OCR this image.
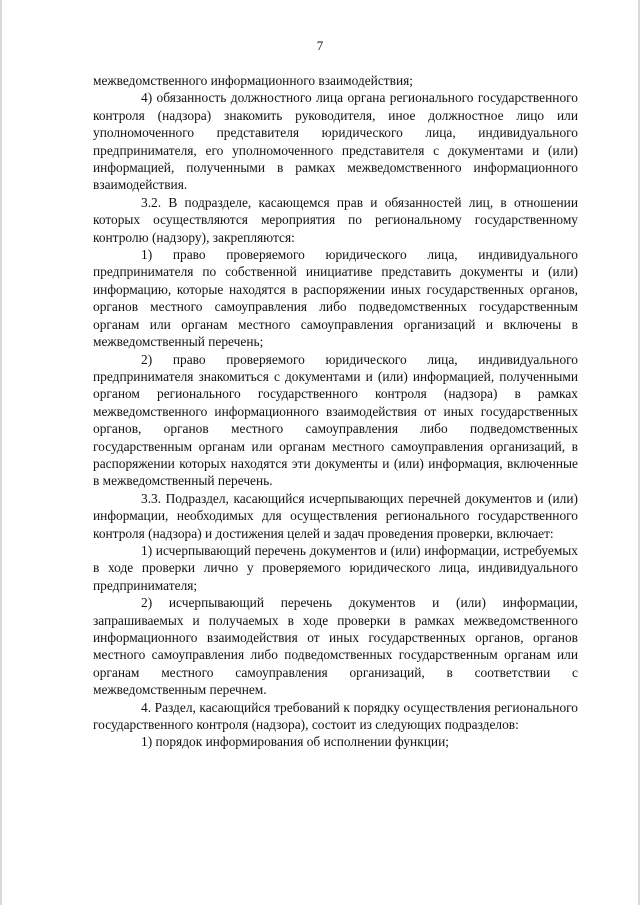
7

межведомственного информационного взаимодействия;

4) обязанность должностного лица органа регионального государственного контроля (надзора) знакомить руководителя, иное должностное лицо или уполномоченного представителя юридического лица, индивидуального предпринимателя, его уполномоченного представителя с документами и (или) информацией, полученными в рамках межведомственного информационного взаимодействия.

3.2. В подразделе, касающемся прав и обязанностей лиц, в отношении которых осуществляются мероприятия по региональному государственному контролю (надзору), закрепляются:

1) право проверяемого юридического лица, индивидуального предпринимателя по собственной инициативе представить документы и (или) информацию, которые находятся в распоряжении иных государственных органов, органов местного самоуправления либо подведомственных государственным органам или органам местного самоуправления организаций и включены в межведомственный перечень;

2) право проверяемого юридического лица, индивидуального предпринимателя знакомиться с документами и (или) информацией, полученными органом регионального государственного контроля (надзора) в рамках межведомственного информационного взаимодействия от иных государственных органов, органов местного самоуправления либо подведомственных государственным органам или органам местного самоуправления организаций, в распоряжении которых находятся эти документы и (или) информация, включенные в межведомственный перечень.

3.3. Подраздел, касающийся исчерпывающих перечней документов и (или) информации, необходимых для осуществления регионального государственного контроля (надзора) и достижения целей и задач проведения проверки, включает:

1) исчерпывающий перечень документов и (или) информации, истребуемых в ходе проверки лично у проверяемого юридического лица, индивидуального предпринимателя;

2) исчерпывающий перечень документов и (или) информации, запрашиваемых и получаемых в ходе проверки в рамках межведомственного информационного взаимодействия от иных государственных органов, органов местного самоуправления либо подведомственных государственным органам или органам местного самоуправления организаций, в соответствии с межведомственным перечнем.

4. Раздел, касающийся требований к порядку осуществления регионального государственного контроля (надзора), состоит из следующих подразделов:

1) порядок информирования об исполнении функции;
